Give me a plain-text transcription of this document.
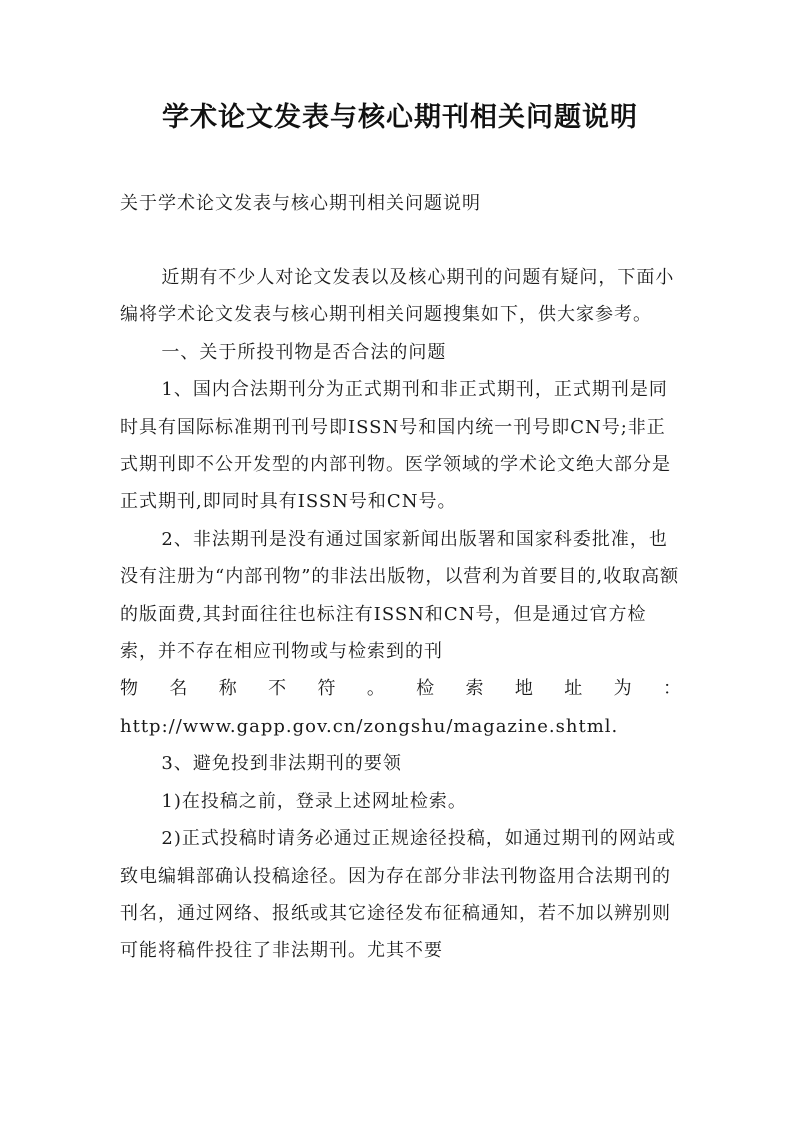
学术论文发表与核心期刊相关问题说明
关于学术论文发表与核心期刊相关问题说明

近期有不少人对论文发表以及核心期刊的问题有疑问，下面小编将学术论文发表与核心期刊相关问题搜集如下，供大家参考。

一、关于所投刊物是否合法的问题

1、国内合法期刊分为正式期刊和非正式期刊，正式期刊是同时具有国际标准期刊刊号即ISSN号和国内统一刊号即CN号;非正式期刊即不公开发型的内部刊物。医学领域的学术论文绝大部分是正式期刊,即同时具有ISSN号和CN号。

2、非法期刊是没有通过国家新闻出版署和国家科委批准，也没有注册为“内部刊物”的非法出版物，以营利为首要目的,收取高额的版面费,其封面往往也标注有ISSN和CN号，但是通过官方检索，并不存在相应刊物或与检索到的刊

物名称不符。检索地址为：

http://www.gapp.gov.cn/zongshu/magazine.shtml.

3、避免投到非法期刊的要领

1)在投稿之前，登录上述网址检索。

2)正式投稿时请务必通过正规途径投稿，如通过期刊的网站或致电编辑部确认投稿途径。因为存在部分非法刊物盗用合法期刊的刊名，通过网络、报纸或其它途径发布征稿通知，若不加以辨别则可能将稿件投往了非法期刊。尤其不要
